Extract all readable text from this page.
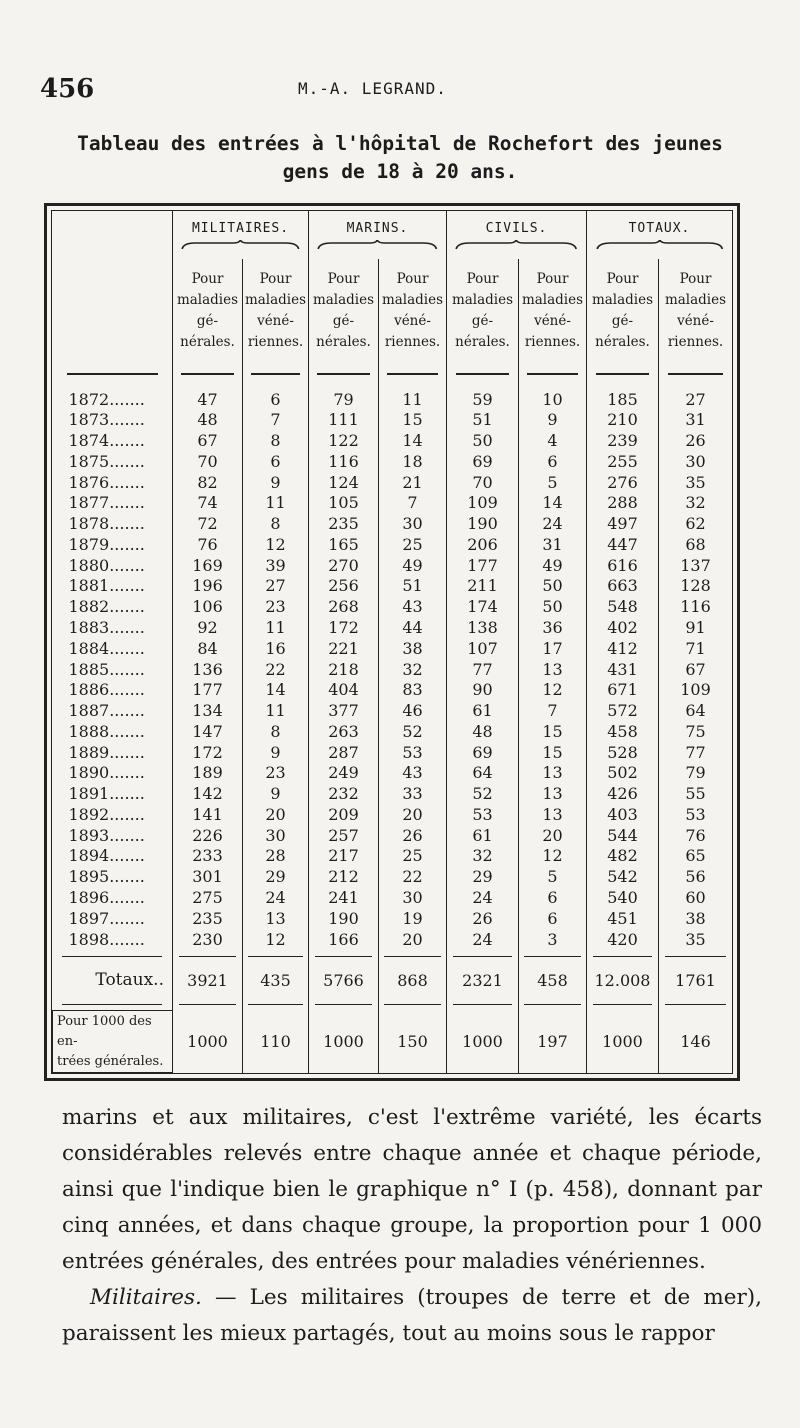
456	M.-A. LEGRAND.
Tableau des entrées à l'hôpital de Rochefort des jeunes
gens de 18 à 20 ans.
	MILITAIRES.		MARINS.		CIVILS.		TOTAUX.	

	Pour
maladies
gé-
nérales.	Pour
maladies
véné-
riennes.	Pour
maladies
gé-
nérales.	Pour
maladies
véné-
riennes.	Pour
maladies
gé-
nérales.	Pour
maladies
véné-
riennes.	Pour
maladies
gé-
nérales.	Pour
maladies
véné-
riennes.

1872.......	47	6	79	11	59	10	185	27
1873.......	48	7	111	15	51	9	210	31
1874.......	67	8	122	14	50	4	239	26
1875.......	70	6	116	18	69	6	255	30
1876.......	82	9	124	21	70	5	276	35
1877.......	74	11	105	7	109	14	288	32
1878.......	72	8	235	30	190	24	497	62
1879.......	76	12	165	25	206	31	447	68
1880.......	169	39	270	49	177	49	616	137
1881.......	196	27	256	51	211	50	663	128
1882.......	106	23	268	43	174	50	548	116
1883.......	92	11	172	44	138	36	402	91
1884.......	84	16	221	38	107	17	412	71
1885.......	136	22	218	32	77	13	431	67
1886.......	177	14	404	83	90	12	671	109
1887.......	134	11	377	46	61	7	572	64
1888.......	147	8	263	52	48	15	458	75
1889.......	172	9	287	53	69	15	528	77
1890.......	189	23	249	43	64	13	502	79
1891.......	142	9	232	33	52	13	426	55
1892.......	141	20	209	20	53	13	403	53
1893.......	226	30	257	26	61	20	544	76
1894.......	233	28	217	25	32	12	482	65
1895.......	301	29	212	22	29	5	542	56
1896.......	275	24	241	30	24	6	540	60
1897.......	235	13	190	19	26	6	451	38
1898.......	230	12	166	20	24	3	420	35

Totaux..	3921	435	5766	868	2321	458	12.008	1761

Pour 1000 des en-
trées générales.	1000	110	1000	150	1000	197	1000	146

marins et aux militaires, c'est l'extrême variété, les écarts considérables relevés entre chaque année et chaque période, ainsi que l'indique bien le graphique n° I (p. 458), donnant par cinq années, et dans chaque groupe, la proportion pour 1 000 entrées générales, des entrées pour maladies vénériennes.

Militaires. — Les militaires (troupes de terre et de mer), paraissent les mieux partagés, tout au moins sous le rappor
